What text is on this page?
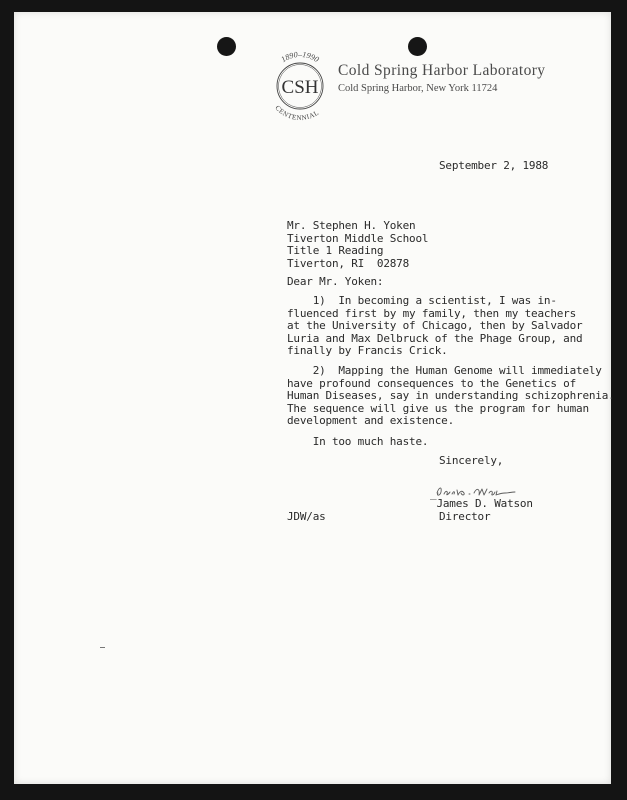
CSH
1890–1990
CENTENNIAL
Cold Spring Harbor Laboratory
Cold Spring Harbor, New York 11724
September 2, 1988
Mr. Stephen H. Yoken
Tiverton Middle School
Title 1 Reading
Tiverton, RI  02878
Dear Mr. Yoken:
1)  In becoming a scientist, I was in-
fluenced first by my family, then my teachers
at the University of Chicago, then by Salvador
Luria and Max Delbruck of the Phage Group, and
finally by Francis Crick.
2)  Mapping the Human Genome will immediately
have profound consequences to the Genetics of
Human Diseases, say in understanding schizophrenia.
The sequence will give us the program for human
development and existence.
In too much haste.
Sincerely,
‾James D. Watson
Director
JDW/as
